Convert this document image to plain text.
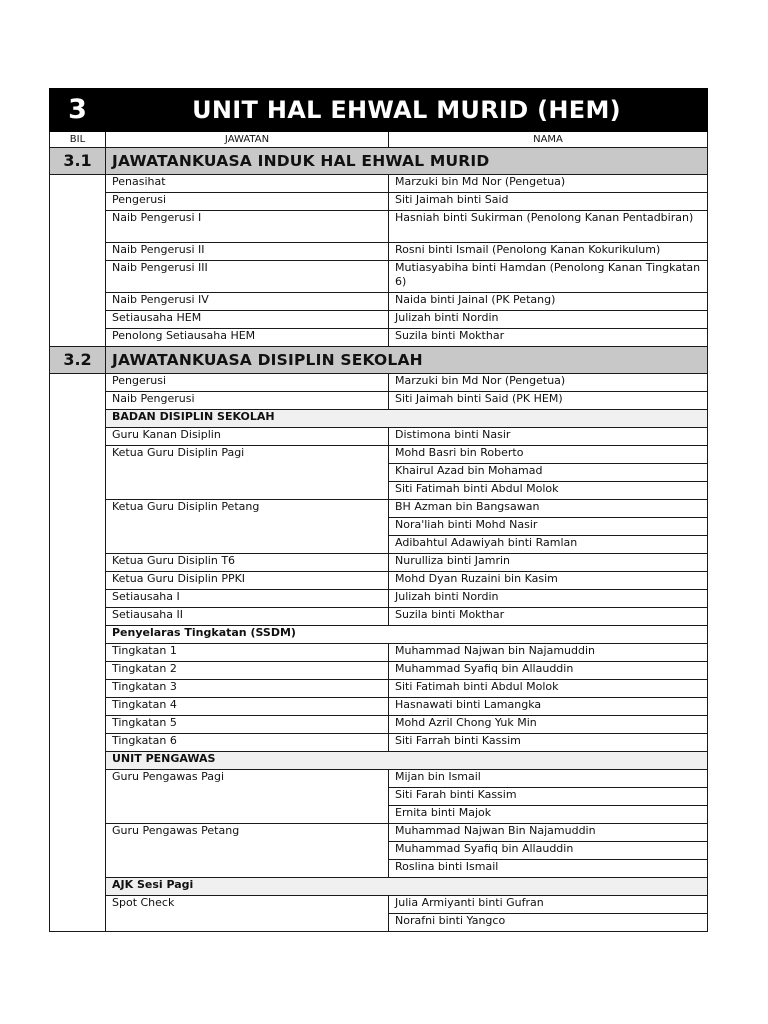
3	UNIT HAL EHWAL MURID (HEM)	
BIL	JAWATAN	NAMA
3.1	JAWATANKUASA INDUK HAL EHWAL MURID	
	Penasihat	Marzuki bin Md Nor (Pengetua)
	Pengerusi	Siti Jaimah binti Said
	Naib Pengerusi I	Hasniah binti Sukirman (Penolong Kanan Pentadbiran)
	Naib Pengerusi II	Rosni binti Ismail (Penolong Kanan Kokurikulum)
	Naib Pengerusi III	Mutiasyabiha binti Hamdan (Penolong Kanan Tingkatan 6)
	Naib Pengerusi IV	Naida binti Jainal (PK Petang)
	Setiausaha HEM	Julizah binti Nordin
	Penolong Setiausaha HEM	Suzila binti Mokthar
3.2	JAWATANKUASA DISIPLIN SEKOLAH	
	Pengerusi	Marzuki bin Md Nor (Pengetua)
	Naib Pengerusi	Siti Jaimah binti Said (PK HEM)
	BADAN DISIPLIN SEKOLAH	
	Guru Kanan Disiplin	Distimona binti Nasir
	Ketua Guru Disiplin Pagi	Mohd Basri bin Roberto
		Khairul Azad bin Mohamad
		Siti Fatimah binti Abdul Molok
	Ketua Guru Disiplin Petang	BH Azman bin Bangsawan
		Nora'liah binti Mohd Nasir
		Adibahtul Adawiyah binti Ramlan
	Ketua Guru Disiplin T6	Nurulliza binti Jamrin
	Ketua Guru Disiplin PPKI	Mohd Dyan Ruzaini bin Kasim
	Setiausaha I	Julizah binti Nordin
	Setiausaha II	Suzila binti Mokthar
	Penyelaras Tingkatan (SSDM)	
	Tingkatan 1	Muhammad Najwan bin Najamuddin
	Tingkatan 2	Muhammad Syafiq bin Allauddin
	Tingkatan 3	Siti Fatimah binti Abdul Molok
	Tingkatan 4	Hasnawati binti Lamangka
	Tingkatan 5	Mohd Azril Chong Yuk Min
	Tingkatan 6	Siti Farrah binti Kassim
	UNIT PENGAWAS	
	Guru Pengawas Pagi	Mijan bin Ismail
		Siti Farah binti Kassim
		Ernita binti Majok
	Guru Pengawas Petang	Muhammad Najwan Bin Najamuddin
		Muhammad Syafiq bin Allauddin
		Roslina binti Ismail
	AJK Sesi Pagi	
	Spot Check	Julia Armiyanti binti Gufran
		Norafni binti Yangco
